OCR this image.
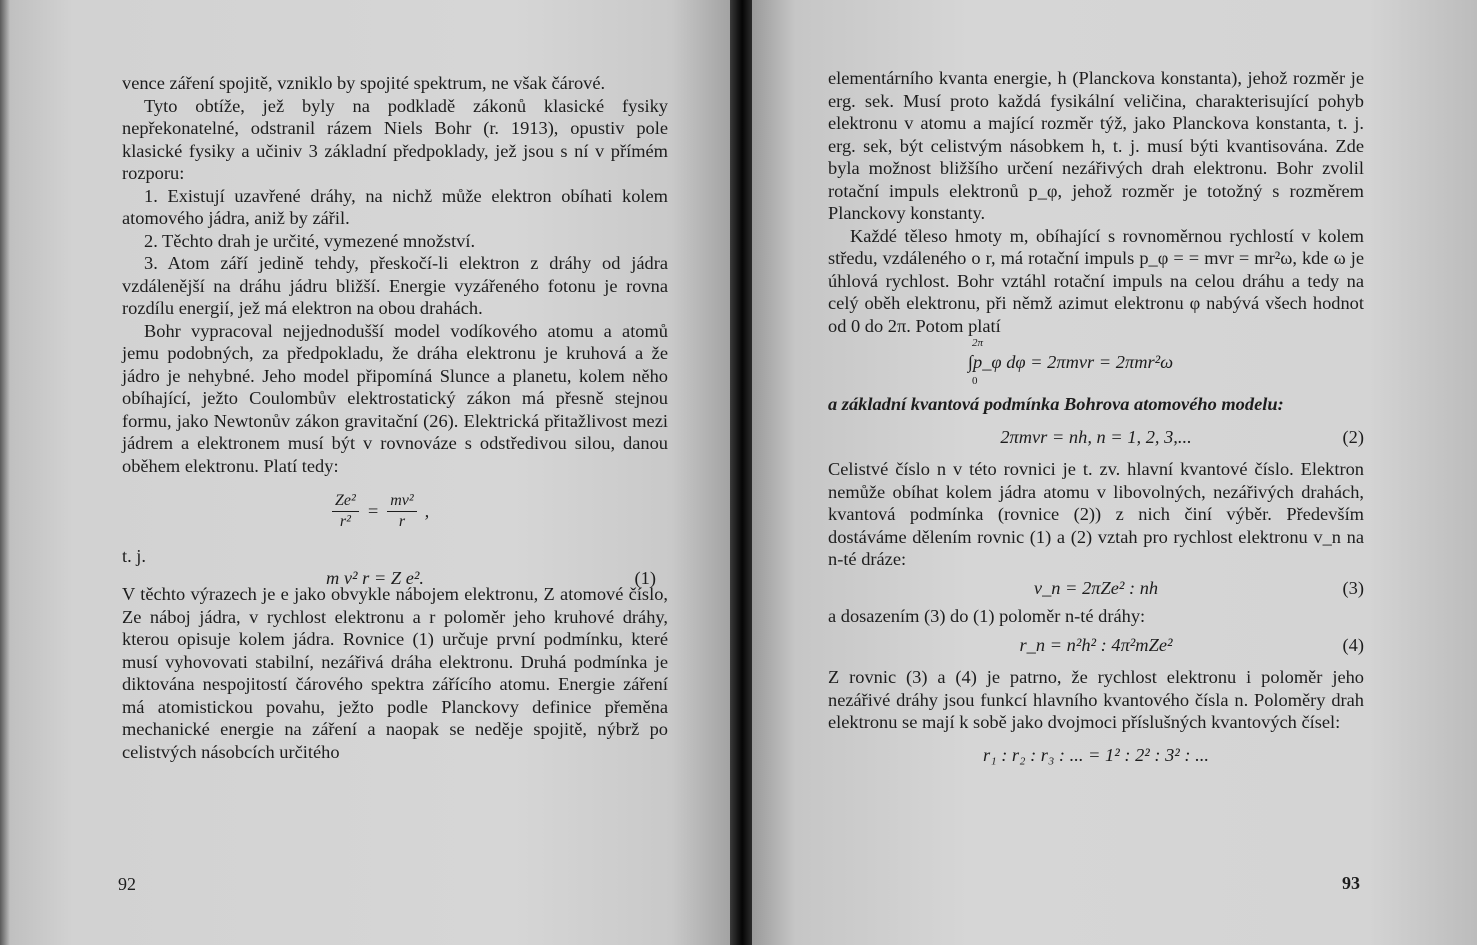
vence záření spojitě, vzniklo by spojité spektrum, ne však čárové.

Tyto obtíže, jež byly na podkladě zákonů klasické fysiky nepřekonatelné, odstranil rázem Niels Bohr (r. 1913), opustiv pole klasické fysiky a učiniv 3 základní předpoklady, jež jsou s ní v přímém rozporu:

1. Existují uzavřené dráhy, na nichž může elektron obíhati kolem atomového jádra, aniž by zářil.

2. Těchto drah je určité, vymezené množství.

3. Atom září jedině tehdy, přeskočí-li elektron z dráhy od jádra vzdálenější na dráhu jádru bližší. Energie vyzářeného fotonu je rovna rozdílu energií, jež má elektron na obou drahách.

Bohr vypracoval nejjednodušší model vodíkového atomu a atomů jemu podobných, za předpokladu, že dráha elektronu je kruhová a že jádro je nehybné. Jeho model připomíná Slunce a planetu, kolem něho obíhající, ježto Coulombův elektrostatický zákon má přesně stejnou formu, jako Newtonův zákon gravitační (26). Elektrická přitažlivost mezi jádrem a elektronem musí být v rovnováze s odstředivou silou, danou oběhem elektronu. Platí tedy:

$\frac{\text{Ze²}}{\text{r²}} = \frac{\text{mv²}}{r}$ ,
t. j.
m v² r = Z e².	(1)

V těchto výrazech je e jako obvykle nábojem elektronu, Z atomové číslo, Ze náboj jádra, v rychlost elektronu a r poloměr jeho kruhové dráhy, kterou opisuje kolem jádra. Rovnice (1) určuje první podmínku, které musí vyhovovati stabilní, nezářivá dráha elektronu. Druhá podmínka je diktována nespojitostí čárového spektra zářícího atomu. Energie záření má atomistickou povahu, ježto podle Planckovy definice přeměna mechanické energie na záření a naopak se neděje spojitě, nýbrž po celistvých násobcích určitého

92

elementárního kvanta energie, h (Planckova konstanta), jehož rozměr je erg. sek. Musí proto každá fysikální veličina, charakterisující pohyb elektronu v atomu a mající rozměr týž, jako Planckova konstanta, t. j. erg. sek, být celistvým násobkem h, t. j. musí býti kvantisována. Zde byla možnost bližšího určení nezářivých drah elektronu. Bohr zvolil rotační impuls elektronů p_φ, jehož rozměr je totožný s rozměrem Planckovy konstanty.

Každé těleso hmoty m, obíhající s rovnoměrnou rychlostí v kolem středu, vzdáleného o r, má rotační impuls p_φ = = mvr = mr²ω, kde ω je úhlová rychlost. Bohr vztáhl rotační impuls na celou dráhu a tedy na celý oběh elektronu, při němž azimut elektronu φ nabývá všech hodnot od 0 do 2π. Potom platí

2π
∫p_φ dφ = 2πmvr = 2πmr²ω
0

a základní kvantová podmínka Bohrova atomového modelu:

2πmvr = nh, n = 1, 2, 3,...	(2)

Celistvé číslo n v této rovnici je t. zv. hlavní kvantové číslo. Elektron nemůže obíhat kolem jádra atomu v libovolných, nezářivých drahách, kvantová podmínka (rovnice (2)) z nich činí výběr. Především dostáváme dělením rovnic (1) a (2) vztah pro rychlost elektronu v_n na n-té dráze:

v_n = 2πZe² : nh	(3)

a dosazením (3) do (1) poloměr n-té dráhy:

r_n = n²h² : 4π²mZe²	(4)

Z rovnic (3) a (4) je patrno, že rychlost elektronu i poloměr jeho nezářivé dráhy jsou funkcí hlavního kvantového čísla n. Poloměry drah elektronu se mají k sobě jako dvojmoci příslušných kvantových čísel:

r₁ : r₂ : r₃ : ... = 1² : 2² : 3² : ...
93
